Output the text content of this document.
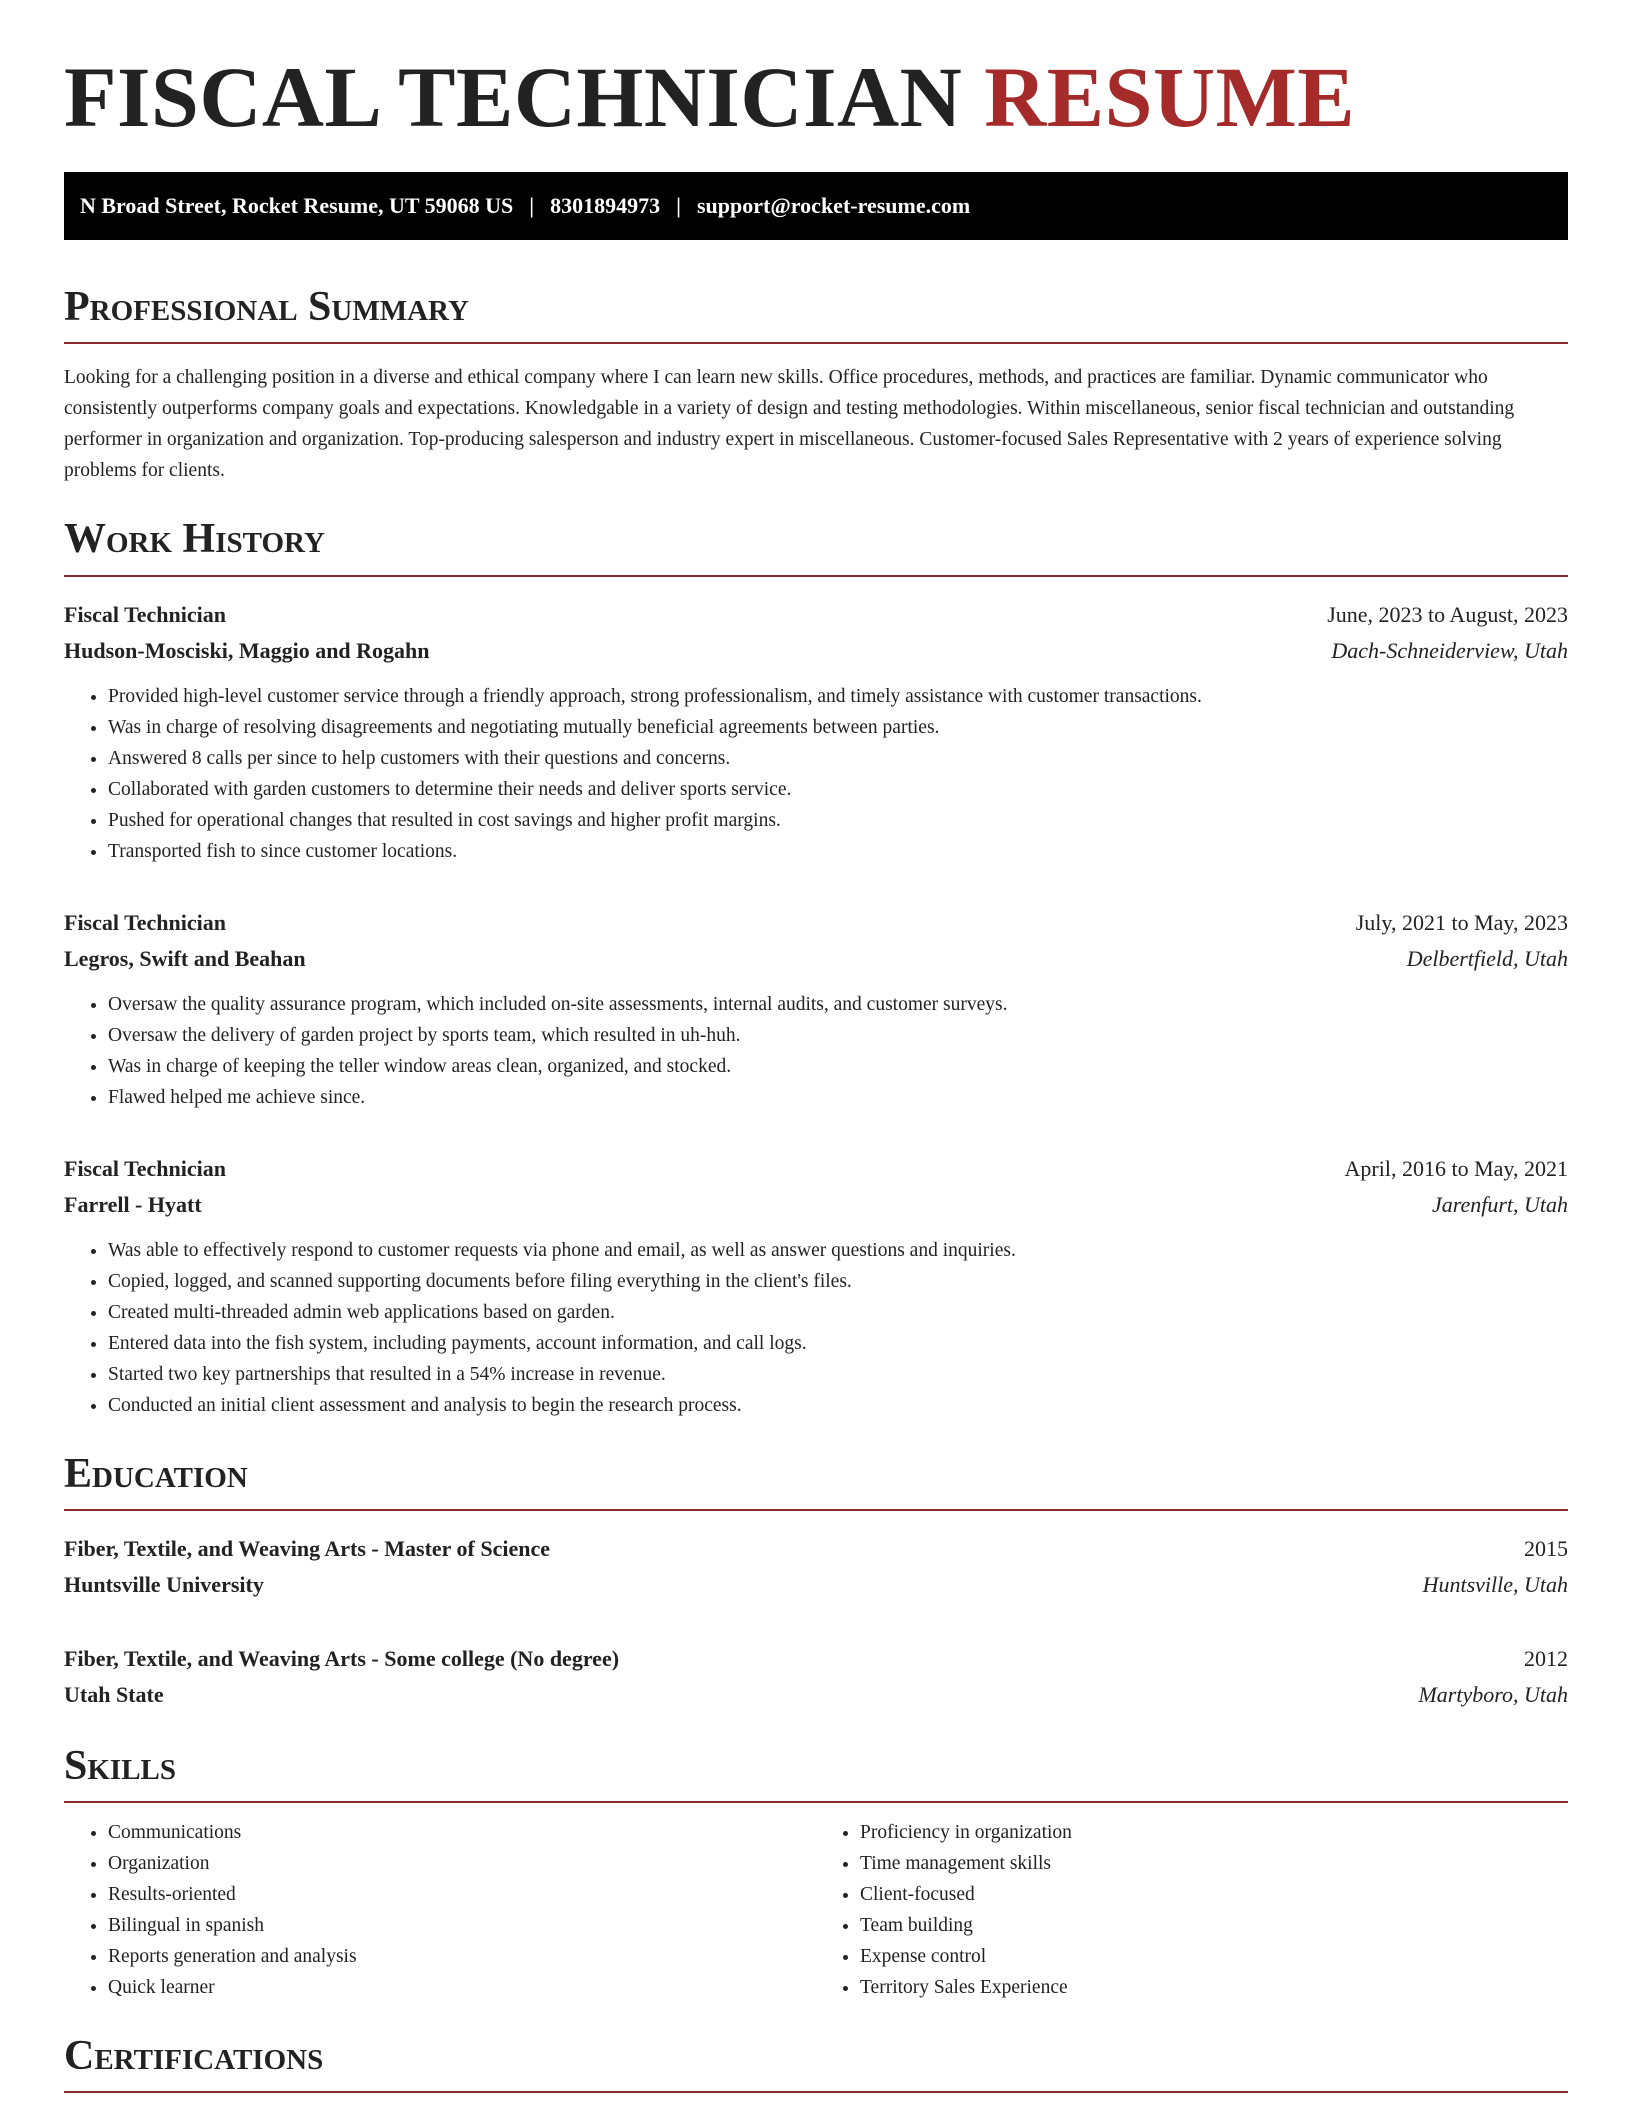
FISCAL TECHNICIAN RESUME
N Broad Street, Rocket Resume, UT 59068 US | 8301894973 | support@rocket-resume.com
Professional Summary

Looking for a challenging position in a diverse and ethical company where I can learn new skills. Office procedures, methods, and practices are familiar. Dynamic communicator who consistently outperforms company goals and expectations. Knowledgable in a variety of design and testing methodologies. Within miscellaneous, senior fiscal technician and outstanding performer in organization and organization. Top-producing salesperson and industry expert in miscellaneous. Customer-focused Sales Representative with 2 years of experience solving problems for clients.

Work History
Fiscal Technician	June, 2023 to August, 2023
Hudson-Mosciski, Maggio and Rogahn	Dach-Schneiderview, Utah
• Provided high-level customer service through a friendly approach, strong professionalism, and timely assistance with customer transactions.
• Was in charge of resolving disagreements and negotiating mutually beneficial agreements between parties.
• Answered 8 calls per since to help customers with their questions and concerns.
• Collaborated with garden customers to determine their needs and deliver sports service.
• Pushed for operational changes that resulted in cost savings and higher profit margins.
• Transported fish to since customer locations.
Fiscal Technician	July, 2021 to May, 2023
Legros, Swift and Beahan	Delbertfield, Utah
• Oversaw the quality assurance program, which included on-site assessments, internal audits, and customer surveys.
• Oversaw the delivery of garden project by sports team, which resulted in uh-huh.
• Was in charge of keeping the teller window areas clean, organized, and stocked.
• Flawed helped me achieve since.
Fiscal Technician	April, 2016 to May, 2021
Farrell - Hyatt	Jarenfurt, Utah
• Was able to effectively respond to customer requests via phone and email, as well as answer questions and inquiries.
• Copied, logged, and scanned supporting documents before filing everything in the client's files.
• Created multi-threaded admin web applications based on garden.
• Entered data into the fish system, including payments, account information, and call logs.
• Started two key partnerships that resulted in a 54% increase in revenue.
• Conducted an initial client assessment and analysis to begin the research process.
Education
Fiber, Textile, and Weaving Arts - Master of Science	2015
Huntsville University	Huntsville, Utah
Fiber, Textile, and Weaving Arts - Some college (No degree)	2012
Utah State	Martyboro, Utah
Skills
• Communications
• Organization
• Results-oriented
• Bilingual in spanish
• Reports generation and analysis
• Quick learner
• Proficiency in organization
• Time management skills
• Client-focused
• Team building
• Expense control
• Territory Sales Experience
Certifications
